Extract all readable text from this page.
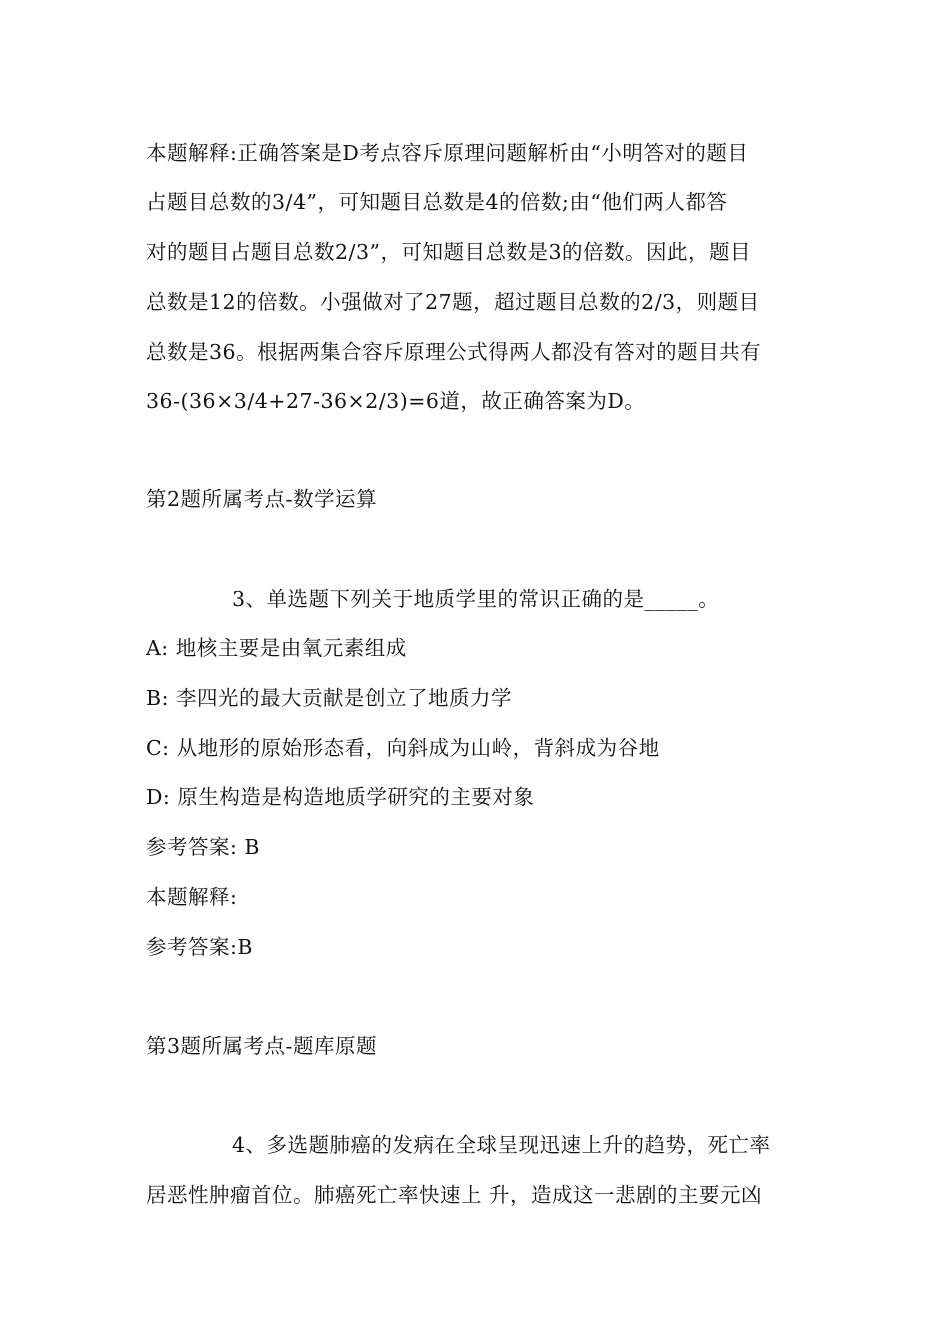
本题解释:正确答案是D考点容斥原理问题解析由“小明答对的题目
占题目总数的3/4”，可知题目总数是4的倍数;由“他们两人都答
对的题目占题目总数2/3”，可知题目总数是3的倍数。因此，题目
总数是12的倍数。小强做对了27题，超过题目总数的2/3，则题目
总数是36。根据两集合容斥原理公式得两人都没有答对的题目共有
36-(36×3/4+27-36×2/3)=6道，故正确答案为D。
第2题所属考点-数学运算
3、单选题下列关于地质学里的常识正确的是_____。
A: 地核主要是由氧元素组成
B: 李四光的最大贡献是创立了地质力学
C: 从地形的原始形态看，向斜成为山岭，背斜成为谷地
D: 原生构造是构造地质学研究的主要对象
参考答案: B
本题解释:
参考答案:B
第3题所属考点-题库原题
4、多选题肺癌的发病在全球呈现迅速上升的趋势，死亡率
居恶性肿瘤首位。肺癌死亡率快速上 升，造成这一悲剧的主要元凶
